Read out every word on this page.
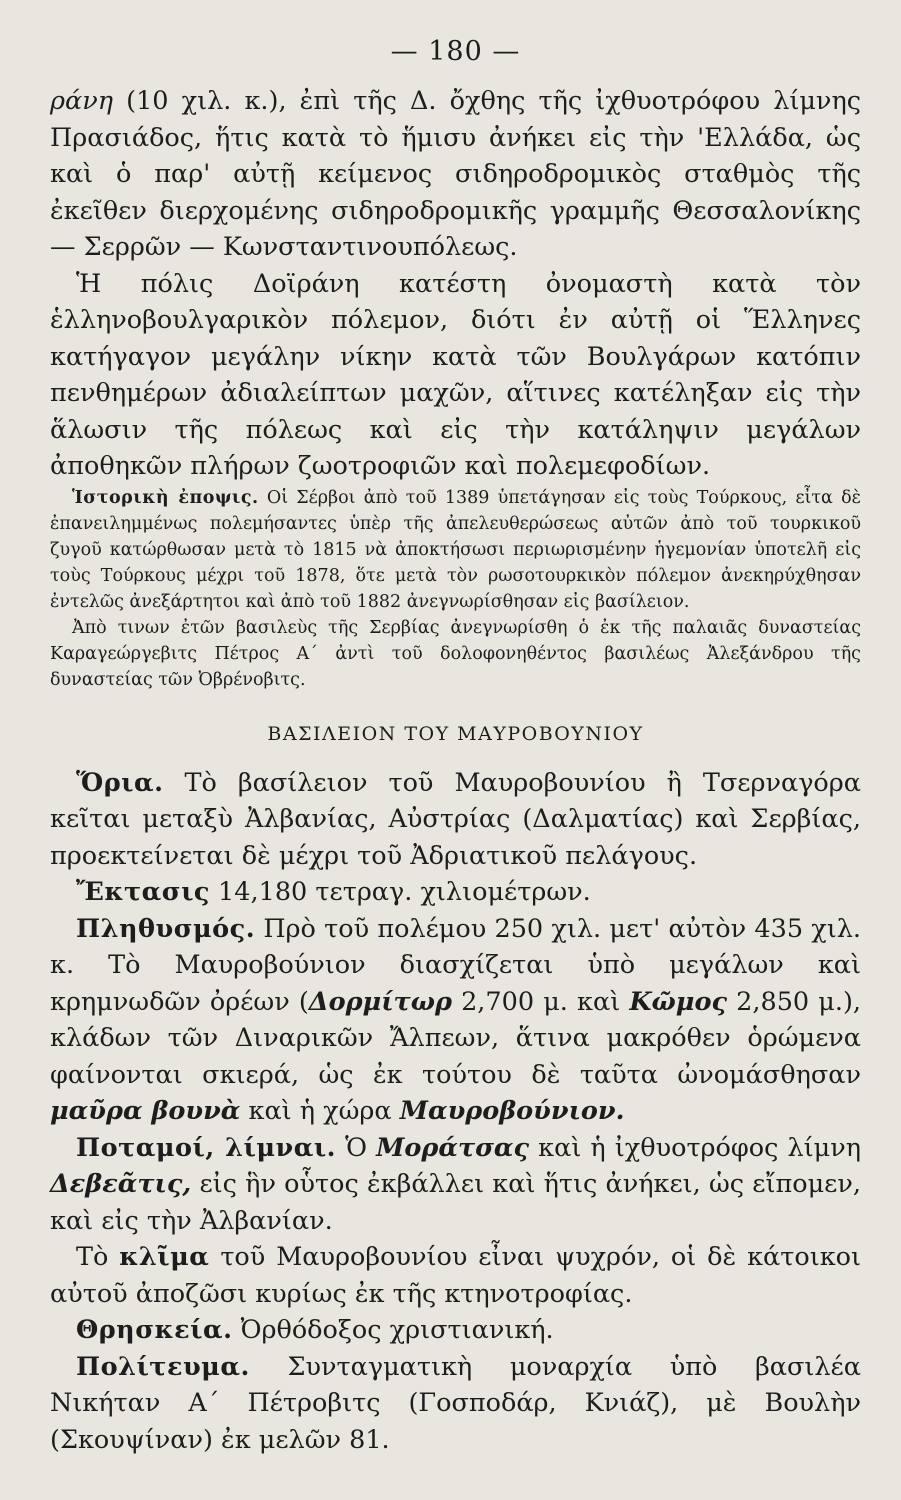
— 180 —

ράνη (10 χιλ. κ.), ἐπὶ τῆς Δ. ὄχθης τῆς ἰχθυοτρόφου λίμνης Πρασιάδος, ἥτις κατὰ τὸ ἥμισυ ἀνήκει εἰς τὴν 'Ελλάδα, ὡς καὶ ὁ παρ' αὐτῇ κείμενος σιδηροδρομικὸς σταθμὸς τῆς ἐκεῖθεν διερχομένης σιδηροδρομικῆς γραμμῆς Θεσσαλονίκης — Σερρῶν — Κωνσταντινουπόλεως.

Ἡ πόλις Δοϊράνη κατέστη ὀνομαστὴ κατὰ τὸν ἑλληνοβουλγαρικὸν πόλεμον, διότι ἐν αὐτῇ οἱ Ἕλληνες κατήγαγον μεγάλην νίκην κατὰ τῶν Βουλγάρων κατόπιν πενθημέρων ἀδιαλείπτων μαχῶν, αἵτινες κατέληξαν εἰς τὴν ἅλωσιν τῆς πόλεως καὶ εἰς τὴν κατάληψιν μεγάλων ἀποθηκῶν πλήρων ζωοτροφιῶν καὶ πολεμεφοδίων.

Ἱστορικὴ ἐποψις. Οἱ Σέρβοι ἀπὸ τοῦ 1389 ὑπετάγησαν εἰς τοὺς Τούρκους, εἶτα δὲ ἐπανειλημμένως πολεμήσαντες ὑπὲρ τῆς ἀπελευθερώσεως αὐτῶν ἀπὸ τοῦ τουρκικοῦ ζυγοῦ κατώρθωσαν μετὰ τὸ 1815 νὰ ἀποκτήσωσι περιωρισμένην ἡγεμονίαν ὑποτελῆ εἰς τοὺς Τούρκους μέχρι τοῦ 1878, ὅτε μετὰ τὸν ρωσοτουρκικὸν πόλεμον ἀνεκηρύχθησαν ἐντελῶς ἀνεξάρτητοι καὶ ἀπὸ τοῦ 1882 ἀνεγνωρίσθησαν εἰς βασίλειον.

Ἀπὸ τινων ἐτῶν βασιλεὺς τῆς Σερβίας ἀνεγνωρίσθη ὁ ἐκ τῆς παλαιᾶς δυναστείας Καραγεώργεβιτς Πέτρος Α΄ ἀντὶ τοῦ δολοφονηθέντος βασιλέως Ἀλεξάνδρου τῆς δυναστείας τῶν Ὀβρένοβιτς.

ΒΑΣΙΛΕΙΟΝ ΤΟΥ ΜΑΥΡΟΒΟΥΝΙΟΥ

Ὅρια. Τὸ βασίλειον τοῦ Μαυροβουνίου ἢ Τσερναγόρα κεῖται μεταξὺ Ἀλβανίας, Αὐστρίας (Δαλματίας) καὶ Σερβίας, προεκτείνεται δὲ μέχρι τοῦ Ἀδριατικοῦ πελάγους.

Ἔκτασις 14,180 τετραγ. χιλιομέτρων.

Πληθυσμός. Πρὸ τοῦ πολέμου 250 χιλ. μετ' αὐτὸν 435 χιλ. κ. Τὸ Μαυροβούνιον διασχίζεται ὑπὸ μεγάλων καὶ κρημνωδῶν ὀρέων (Δορμίτωρ 2,700 μ. καὶ Κῶμος 2,850 μ.), κλάδων τῶν Διναρικῶν Ἄλπεων, ἅτινα μακρόθεν ὁρώμενα φαίνονται σκιερά, ὡς ἐκ τούτου δὲ ταῦτα ὠνομάσθησαν μαῦρα βουνὰ καὶ ἡ χώρα Μαυροβούνιον.

Ποταμοί, λίμναι. Ὁ Μοράτσας καὶ ἡ ἰχθυοτρόφος λίμνη Δεβεᾶτις, εἰς ἣν οὗτος ἐκβάλλει καὶ ἥτις ἀνήκει, ὡς εἴπομεν, καὶ εἰς τὴν Ἀλβανίαν.

Τὸ κλῖμα τοῦ Μαυροβουνίου εἶναι ψυχρόν, οἱ δὲ κάτοικοι αὐτοῦ ἀποζῶσι κυρίως ἐκ τῆς κτηνοτροφίας.

Θρησκεία. Ὀρθόδοξος χριστιανική.

Πολίτευμα. Συνταγματικὴ μοναρχία ὑπὸ βασιλέα Νικήταν Α΄ Πέτροβιτς (Γοσποδάρ, Κνιάζ), μὲ Βουλὴν (Σκουψίναν) ἐκ μελῶν 81.
